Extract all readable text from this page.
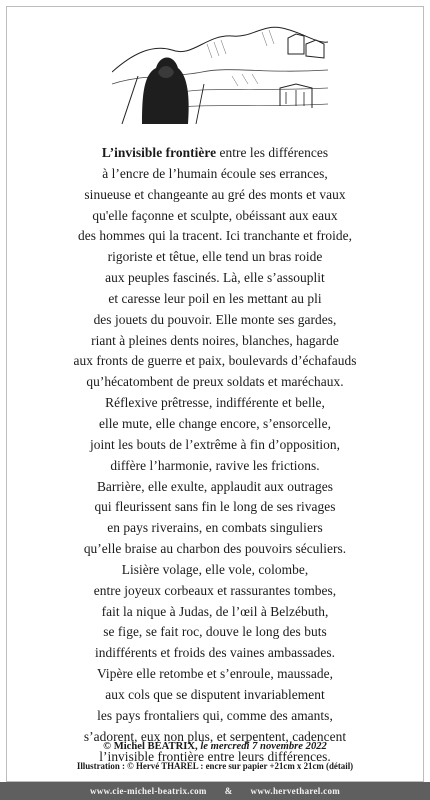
L’invisible frontière entre les différences
à l’encre de l’humain écoule ses errances,
sinueuse et changeante au gré des monts et vaux
qu'elle façonne et sculpte, obéissant aux eaux
des hommes qui la tracent. Ici tranchante et froide,
rigoriste et têtue, elle tend un bras roide
aux peuples fascinés. Là, elle s’assouplit
et caresse leur poil en les mettant au pli
des jouets du pouvoir. Elle monte ses gardes,
riant à pleines dents noires, blanches, hagarde
aux fronts de guerre et paix, boulevards d’échafauds
qu’hécatombent de preux soldats et maréchaux.
Réflexive prêtresse, indifférente et belle,
elle mute, elle change encore, s’ensorcelle,
joint les bouts de l’extrême à fin d’opposition,
diffère l’harmonie, ravive les frictions.
Barrière, elle exulte, applaudit aux outrages
qui fleurissent sans fin le long de ses rivages
en pays riverains, en combats singuliers
qu’elle braise au charbon des pouvoirs séculiers.
Lisière volage, elle vole, colombe,
entre joyeux corbeaux et rassurantes tombes,
fait la nique à Judas, de l’œil à Belzébuth,
se fige, se fait roc, douve le long des buts
indifférents et froids des vaines ambassades.
Vipère elle retombe et s’enroule, maussade,
aux cols que se disputent invariablement
les pays frontaliers qui, comme des amants,
s’adorent, eux non plus, et serpentent, cadencent
l’invisible frontière entre leurs différences.
© Michel BÉATRIX, le mercredi 7 novembre 2022
Illustration : © Hervé THAREL : encre sur papier +21cm x 21cm (détail)
www.cie-michel-beatrix.com & www.hervetharel.com
